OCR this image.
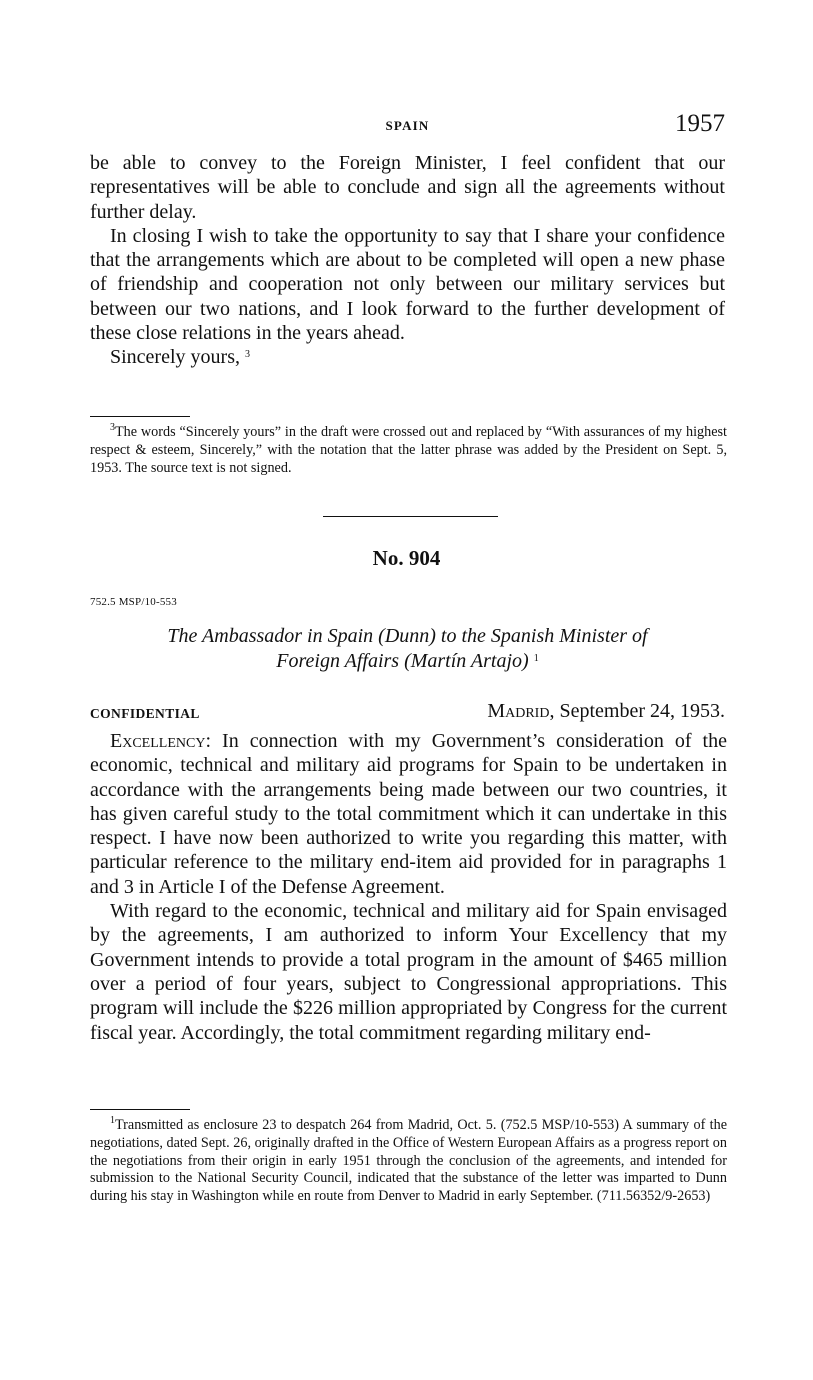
SPAIN	1957

be able to convey to the Foreign Minister, I feel confident that our representatives will be able to conclude and sign all the agreements without further delay.

In closing I wish to take the opportunity to say that I share your confidence that the arrangements which are about to be completed will open a new phase of friendship and cooperation not only between our military services but between our two nations, and I look forward to the further development of these close relations in the years ahead.

Sincerely yours, $^3$

$^3$The words “Sincerely yours” in the draft were crossed out and replaced by “With assurances of my highest respect & esteem, Sincerely,” with the notation that the latter phrase was added by the President on Sept. 5, 1953. The source text is not signed.

No. 904
752.5 MSP/10-553
The Ambassador in Spain (Dunn) to the Spanish Minister of
Foreign Affairs (Martín Artajo) $^1$
CONFIDENTIAL	Madrid, September 24, 1953.

Excellency: In connection with my Government’s consideration of the economic, technical and military aid programs for Spain to be undertaken in accordance with the arrangements being made between our two countries, it has given careful study to the total commitment which it can undertake in this respect. I have now been authorized to write you regarding this matter, with particular reference to the military end-item aid provided for in paragraphs 1 and 3 in Article I of the Defense Agreement.

With regard to the economic, technical and military aid for Spain envisaged by the agreements, I am authorized to inform Your Excellency that my Government intends to provide a total program in the amount of $465 million over a period of four years, subject to Congressional appropriations. This program will include the $226 million appropriated by Congress for the current fiscal year. Accordingly, the total commitment regarding military end-

$^1$Transmitted as enclosure 23 to despatch 264 from Madrid, Oct. 5. (752.5 MSP/10-553) A summary of the negotiations, dated Sept. 26, originally drafted in the Office of Western European Affairs as a progress report on the negotiations from their origin in early 1951 through the conclusion of the agreements, and intended for submission to the National Security Council, indicated that the substance of the letter was imparted to Dunn during his stay in Washington while en route from Denver to Madrid in early September. (711.56352/9-2653)
